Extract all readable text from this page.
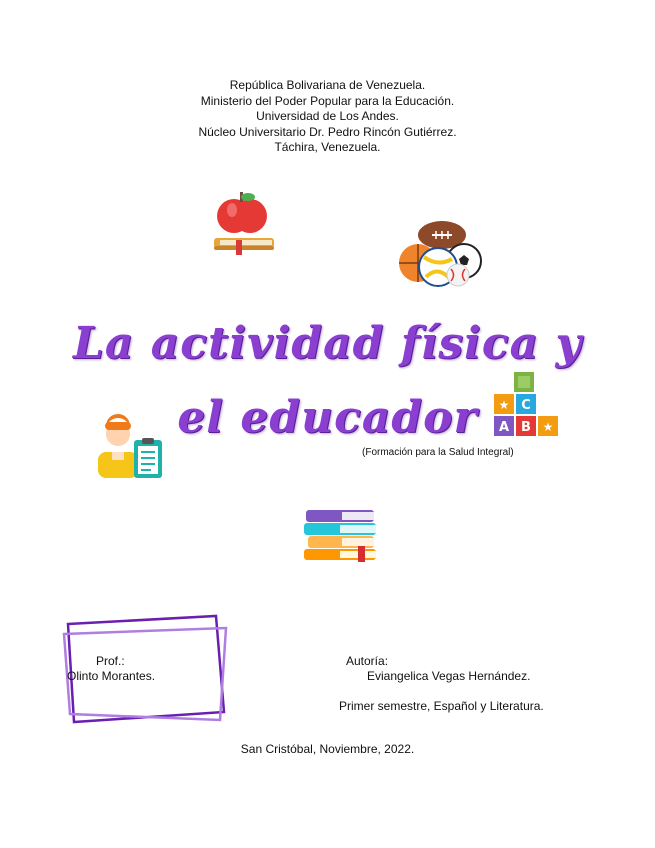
República Bolivariana de Venezuela.
Ministerio del Poder Popular para la Educación.
Universidad de Los Andes.
Núcleo Universitario Dr. Pedro Rincón Gutiérrez.
Táchira, Venezuela.
La actividad física y
el educador	★ C
A B ★
(Formación para la Salud Integral)
Prof.:
Olinto Morantes.
Autoría:
Eviangelica Vegas Hernández.
Primer semestre, Español y Literatura.
San Cristóbal, Noviembre, 2022.
